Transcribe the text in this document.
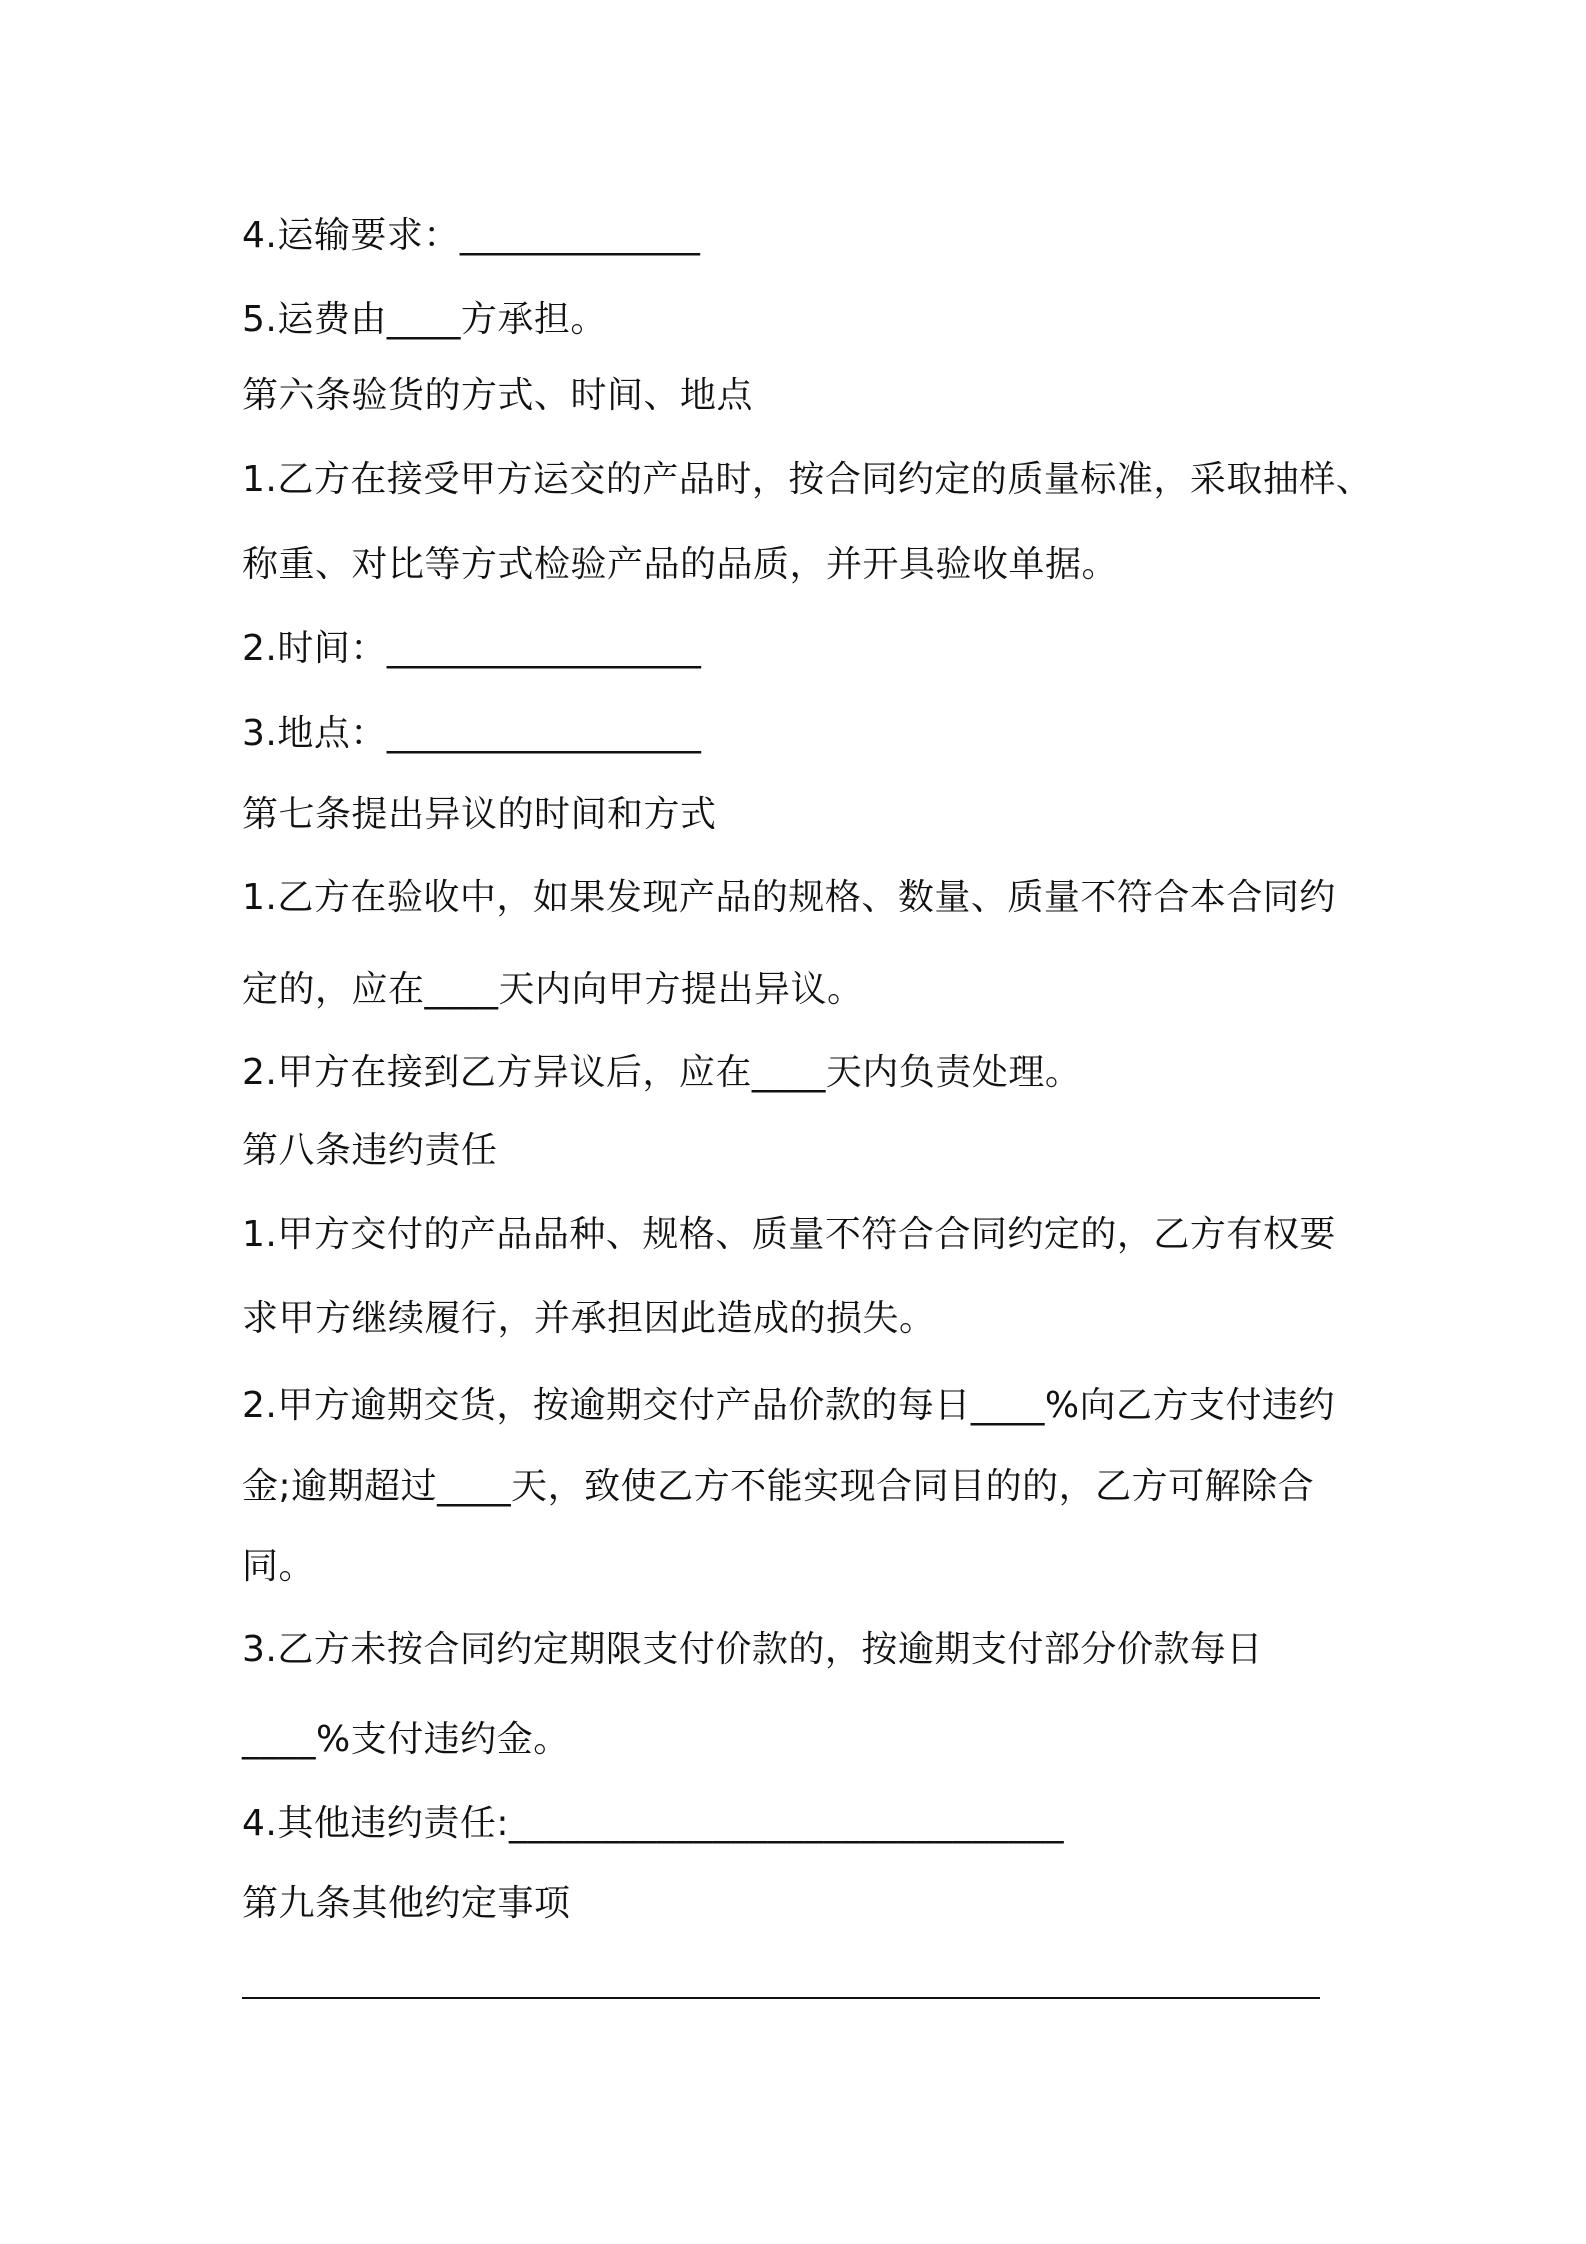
4.运输要求：_____________
5.运费由____方承担。
第六条验货的方式、时间、地点
1.乙方在接受甲方运交的产品时，按合同约定的质量标准，采取抽样、
称重、对比等方式检验产品的品质，并开具验收单据。
2.时间：_________________
3.地点：_________________
第七条提出异议的时间和方式
1.乙方在验收中，如果发现产品的规格、数量、质量不符合本合同约
定的，应在____天内向甲方提出异议。
2.甲方在接到乙方异议后，应在____天内负责处理。
第八条违约责任
1.甲方交付的产品品种、规格、质量不符合合同约定的，乙方有权要
求甲方继续履行，并承担因此造成的损失。
2.甲方逾期交货，按逾期交付产品价款的每日____%向乙方支付违约
金;逾期超过____天，致使乙方不能实现合同目的的，乙方可解除合
同。
3.乙方未按合同约定期限支付价款的，按逾期支付部分价款每日
____%支付违约金。
4.其他违约责任:______________________________
第九条其他约定事项
